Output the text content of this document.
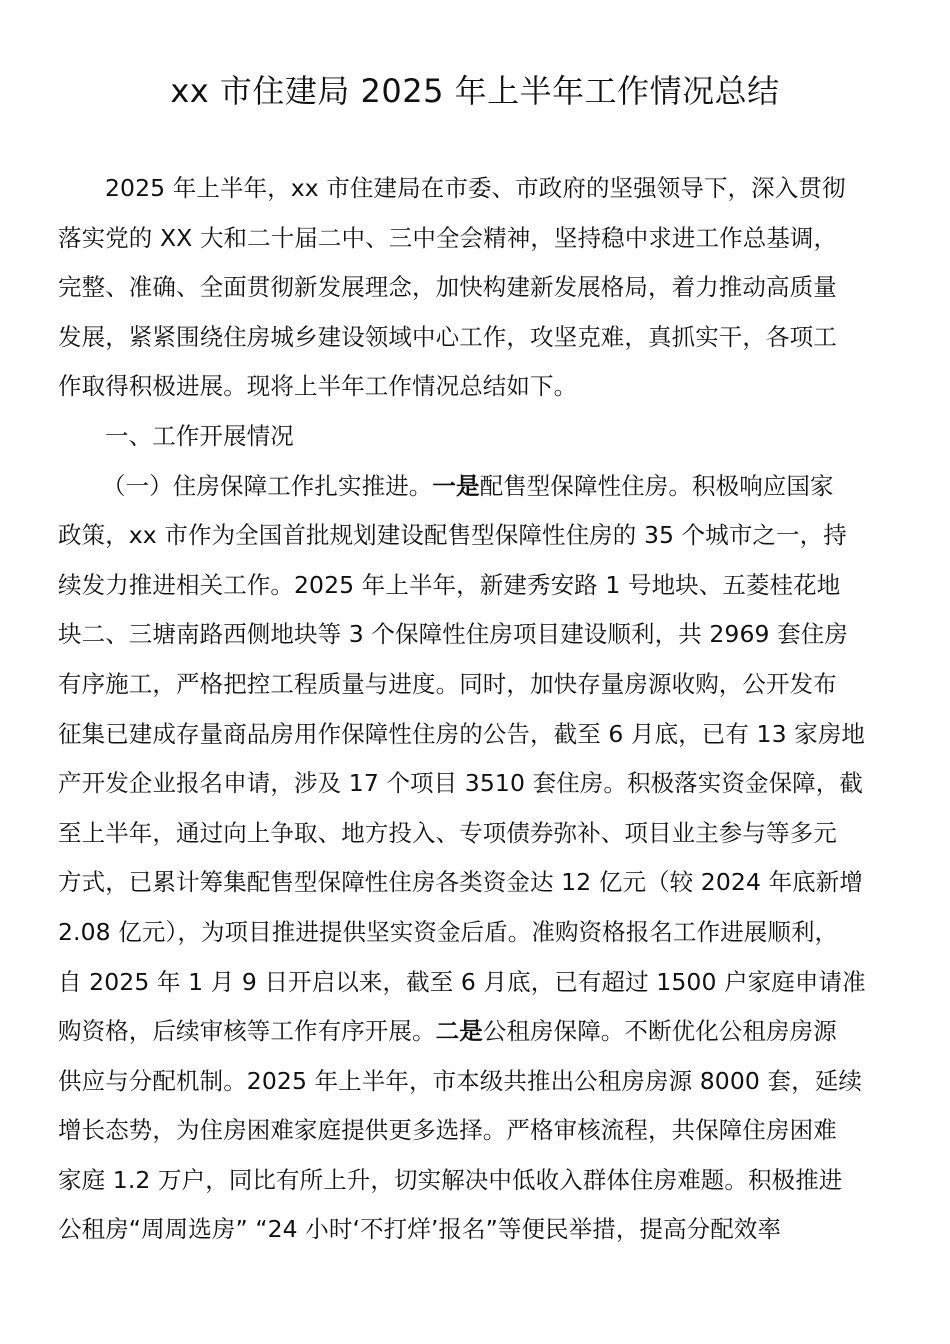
xx 市住建局 2025 年上半年工作情况总结
2025 年上半年，xx 市住建局在市委、市政府的坚强领导下，深入贯彻
落实党的 XX 大和二十届二中、三中全会精神，坚持稳中求进工作总基调，
完整、准确、全面贯彻新发展理念，加快构建新发展格局，着力推动高质量
发展，紧紧围绕住房城乡建设领域中心工作，攻坚克难，真抓实干，各项工
作取得积极进展。现将上半年工作情况总结如下。
一、工作开展情况
（一）住房保障工作扎实推进。一是配售型保障性住房。积极响应国家
政策，xx 市作为全国首批规划建设配售型保障性住房的 35 个城市之一，持
续发力推进相关工作。2025 年上半年，新建秀安路 1 号地块、五菱桂花地
块二、三塘南路西侧地块等 3 个保障性住房项目建设顺利，共 2969 套住房
有序施工，严格把控工程质量与进度。同时，加快存量房源收购，公开发布
征集已建成存量商品房用作保障性住房的公告，截至 6 月底，已有 13 家房地
产开发企业报名申请，涉及 17 个项目 3510 套住房。积极落实资金保障，截
至上半年，通过向上争取、地方投入、专项债券弥补、项目业主参与等多元
方式，已累计筹集配售型保障性住房各类资金达 12 亿元（较 2024 年底新增
2.08 亿元），为项目推进提供坚实资金后盾。准购资格报名工作进展顺利，
自 2025 年 1 月 9 日开启以来，截至 6 月底，已有超过 1500 户家庭申请准
购资格，后续审核等工作有序开展。二是公租房保障。不断优化公租房房源
供应与分配机制。2025 年上半年，市本级共推出公租房房源 8000 套，延续
增长态势，为住房困难家庭提供更多选择。严格审核流程，共保障住房困难
家庭 1.2 万户，同比有所上升，切实解决中低收入群体住房难题。积极推进
公租房“周周选房” “24 小时‘不打烊’报名”等便民举措，提高分配效率
